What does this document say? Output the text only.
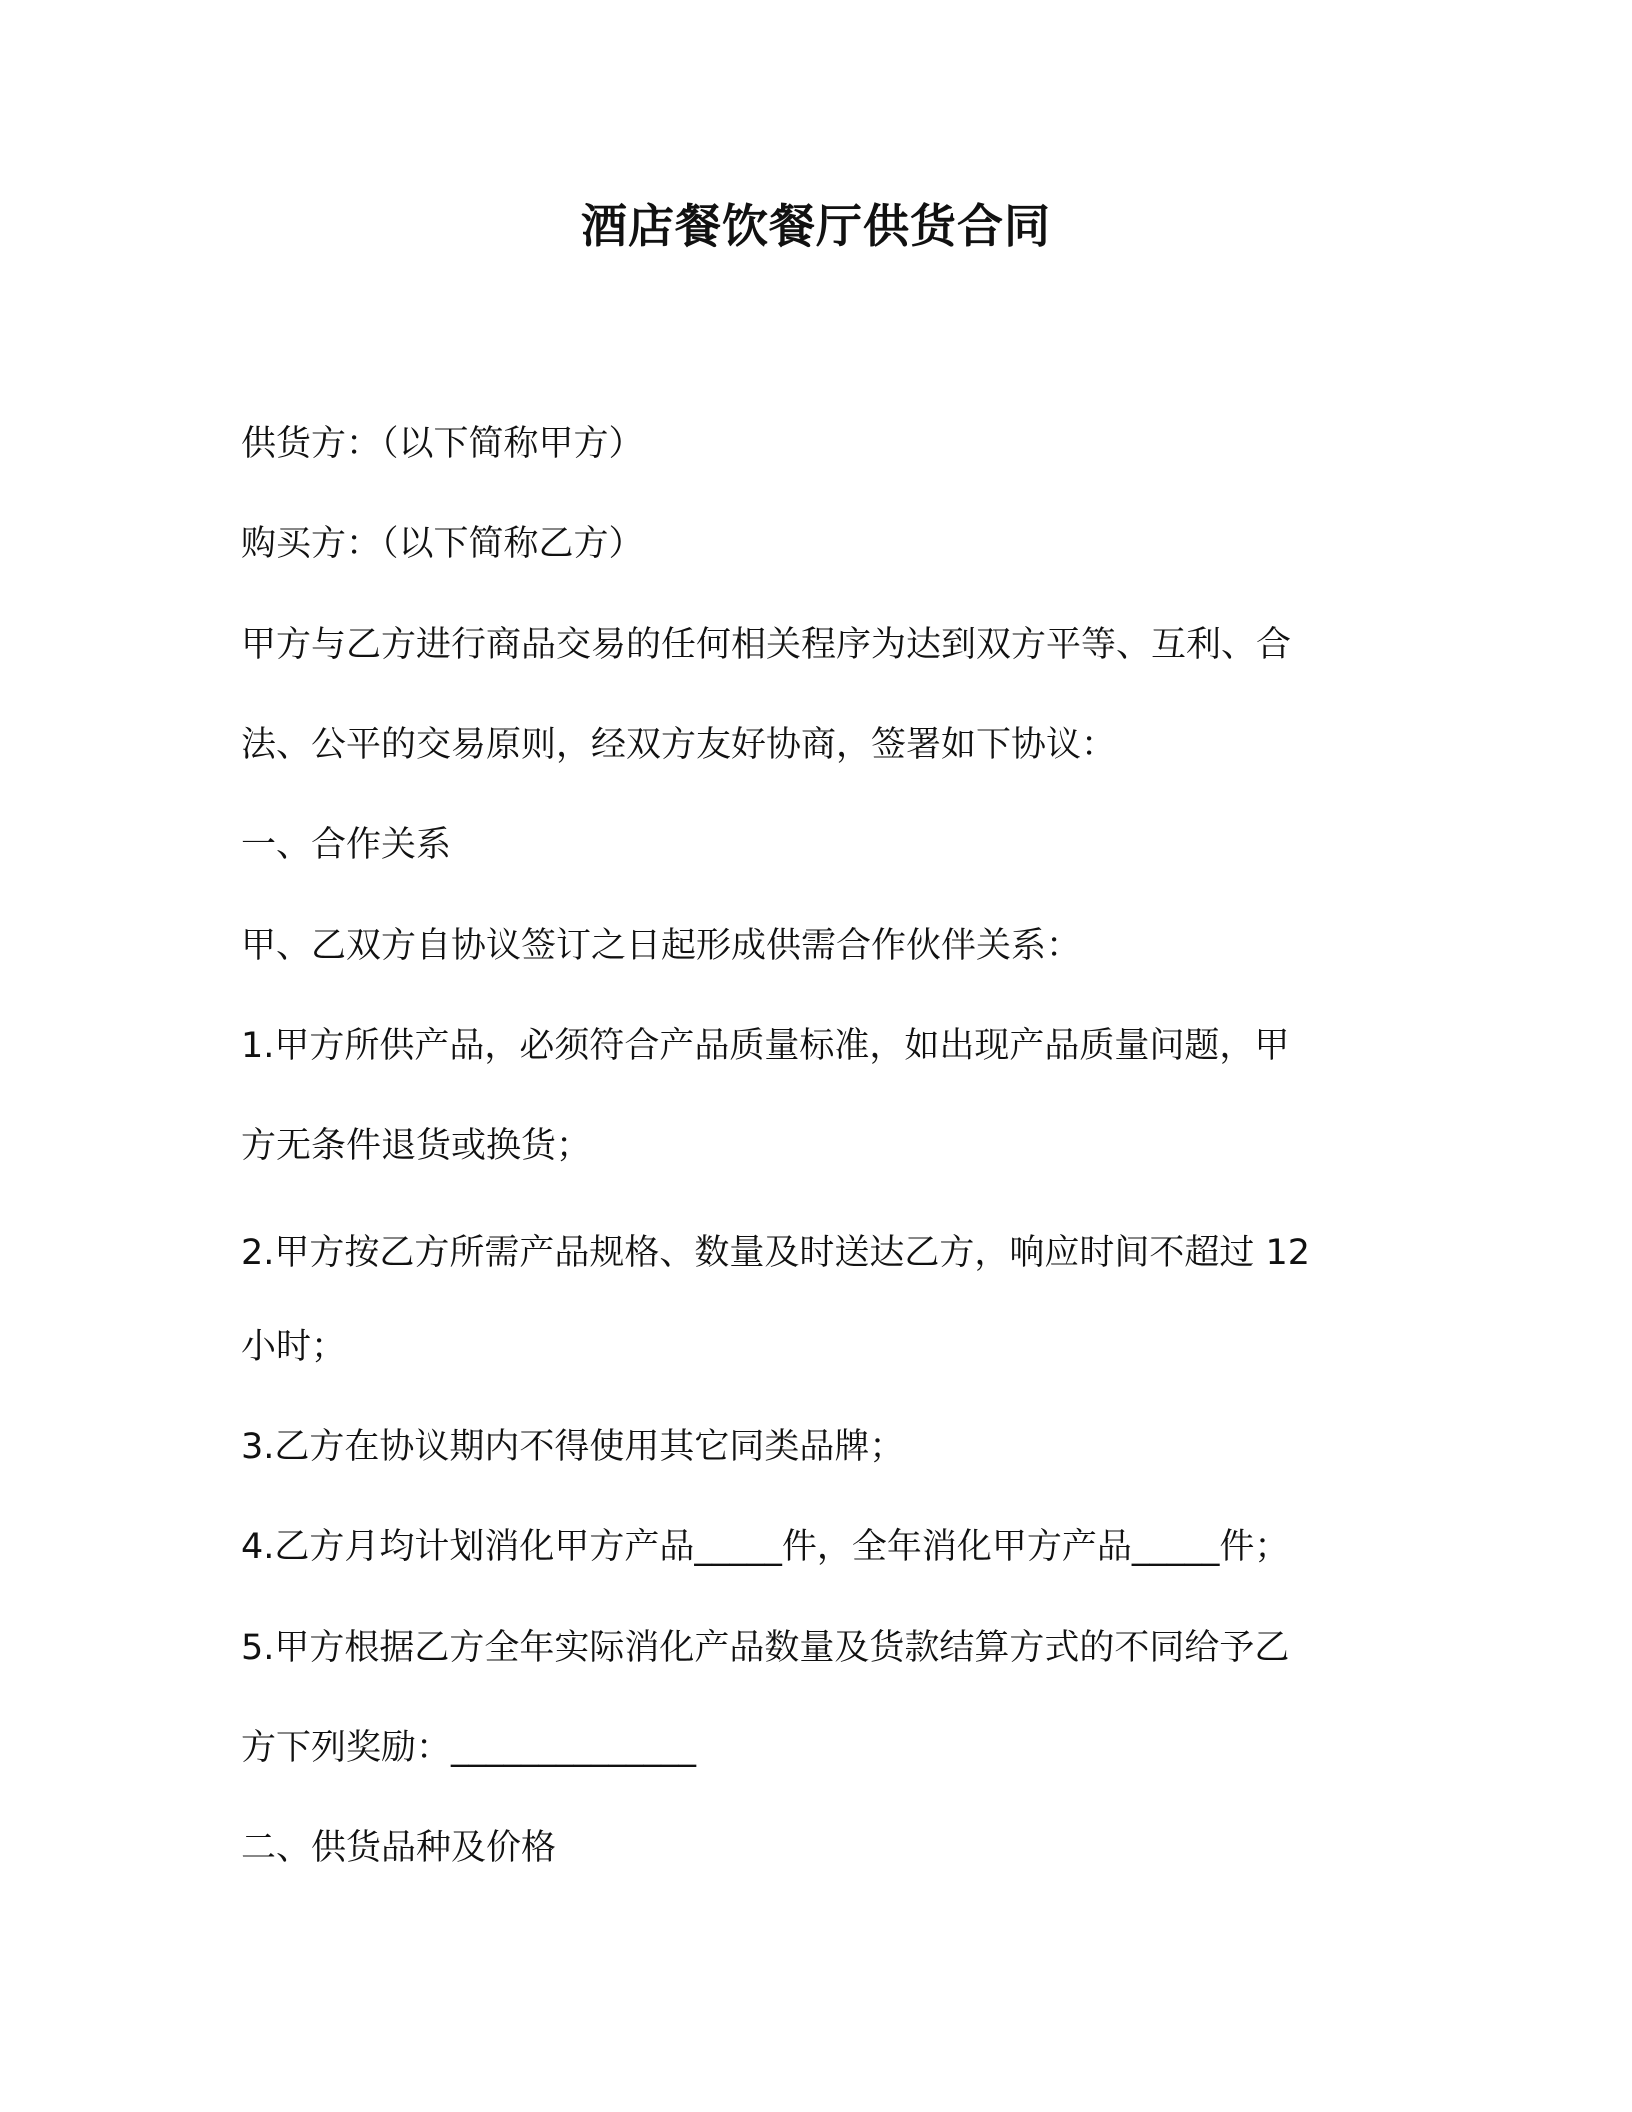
酒店餐饮餐厅供货合同
供货方：（以下简称甲方）
购买方：（以下简称乙方）
甲方与乙方进行商品交易的任何相关程序为达到双方平等、互利、合
法、公平的交易原则，经双方友好协商，签署如下协议：
一、合作关系
甲、乙双方自协议签订之日起形成供需合作伙伴关系：
1.甲方所供产品，必须符合产品质量标准，如出现产品质量问题，甲
方无条件退货或换货；
2.甲方按乙方所需产品规格、数量及时送达乙方，响应时间不超过 12
小时；
3.乙方在协议期内不得使用其它同类品牌；
4.乙方月均计划消化甲方产品_____件，全年消化甲方产品_____件；
5.甲方根据乙方全年实际消化产品数量及货款结算方式的不同给予乙
方下列奖励：______________
二、供货品种及价格
